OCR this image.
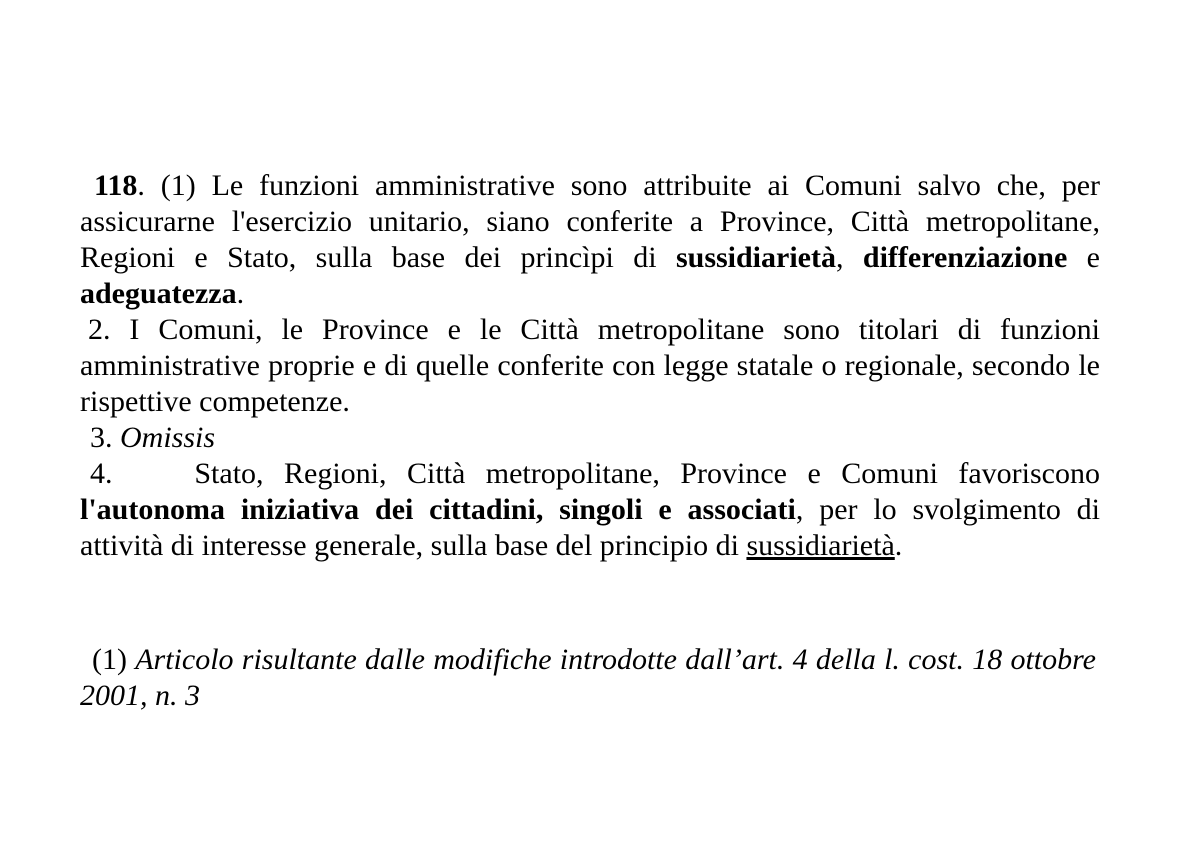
118. (1) Le funzioni amministrative sono attribuite ai Comuni salvo che, per assicurarne l'esercizio unitario, siano conferite a Province, Città metropolitane, Regioni e Stato, sulla base dei princìpi di sussidiarietà, differenziazione e adeguatezza.

2. I Comuni, le Province e le Città metropolitane sono titolari di funzioni amministrative proprie e di quelle conferite con legge statale o regionale, secondo le rispettive competenze.

3. Omissis

4.	Stato, Regioni, Città metropolitane, Province e Comuni favoriscono l'autonoma iniziativa dei cittadini, singoli e associati, per lo svolgimento di attività di interesse generale, sulla base del principio di sussidiarietà.

(1) Articolo risultante dalle modifiche introdotte dall’art. 4 della l. cost. 18 ottobre 2001, n. 3
